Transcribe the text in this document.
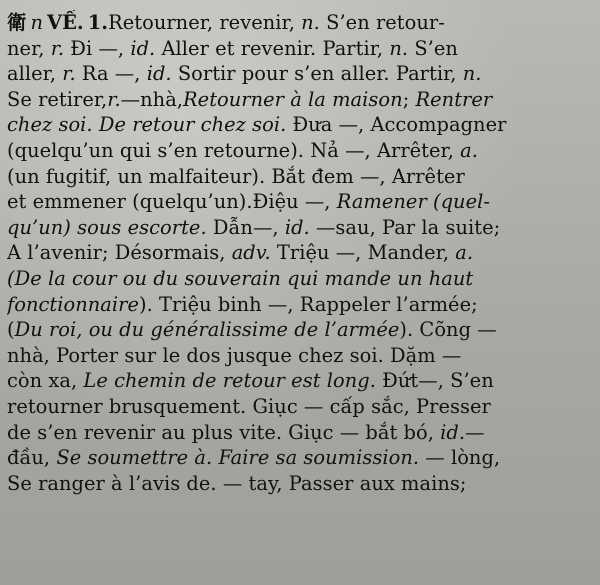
衛 n VỀ. 1.Retourner, revenir, n. S’en retour-
ner, r. Đi —, id. Aller et revenir. Partir, n. S’en
aller, r. Ra —, id. Sortir pour s’en aller. Partir, n.
Se retirer,r.—nhà,Retourner à la maison; Rentrer
chez soi. De retour chez soi. Đưa —, Accompagner
(quelqu’un qui s’en retourne). Nả —, Arrêter, a.
(un fugitif, un malfaiteur). Bắt đem —, Arrêter
et emmener (quelqu’un).Điệu —, Ramener (quel-
qu’un) sous escorte. Dẫn—, id. —sau, Par la suite;
A l’avenir; Désormais, adv. Triệu —, Mander, a.
(De la cour ou du souverain qui mande un haut
fonctionnaire). Triệu binh —, Rappeler l’armée;
(Du roi, ou du généralissime de l’armée). Cõng —
nhà, Porter sur le dos jusque chez soi. Dặm —
còn xa, Le chemin de retour est long. Đứt—, S’en
retourner brusquement. Giục — cấp sắc, Presser
de s’en revenir au plus vite. Giục — bắt bó, id.—
đầu, Se soumettre à. Faire sa soumission. — lòng,
Se ranger à l’avis de. — tay, Passer aux mains;
